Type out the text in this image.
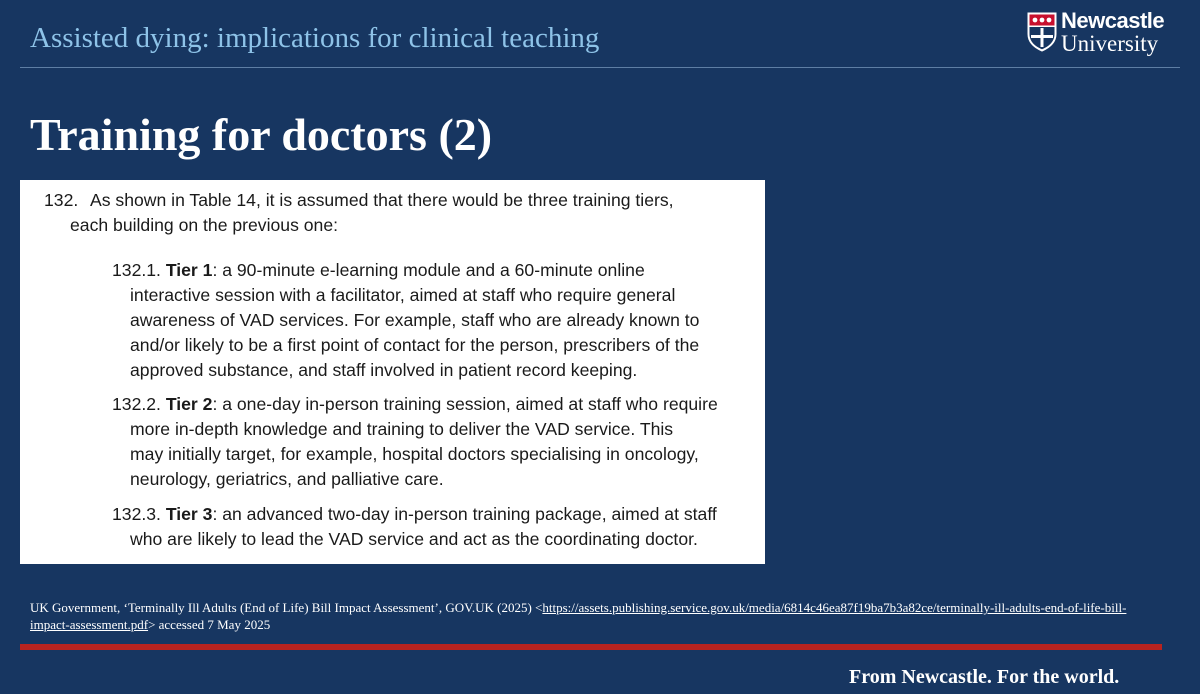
Assisted dying: implications for clinical teaching
Newcastle
University
Training for doctors (2)
132. As shown in Table 14, it is assumed that there would be three training tiers,
each building on the previous one:
132.1. Tier 1: a 90-minute e-learning module and a 60-minute online
interactive session with a facilitator, aimed at staff who require general
awareness of VAD services. For example, staff who are already known to
and/or likely to be a first point of contact for the person, prescribers of the
approved substance, and staff involved in patient record keeping.
132.2. Tier 2: a one-day in-person training session, aimed at staff who require
more in-depth knowledge and training to deliver the VAD service. This
may initially target, for example, hospital doctors specialising in oncology,
neurology, geriatrics, and palliative care.
132.3. Tier 3: an advanced two-day in-person training package, aimed at staff
who are likely to lead the VAD service and act as the coordinating doctor.

UK Government, ‘Terminally Ill Adults (End of Life) Bill Impact Assessment’, GOV.UK (2025) <https://assets.publishing.service.gov.uk/media/6814c46ea87f19ba7b3a82ce/terminally-ill-adults-end-of-life-bill-impact-assessment.pdf> accessed 7 May 2025

From Newcastle. For the world.
